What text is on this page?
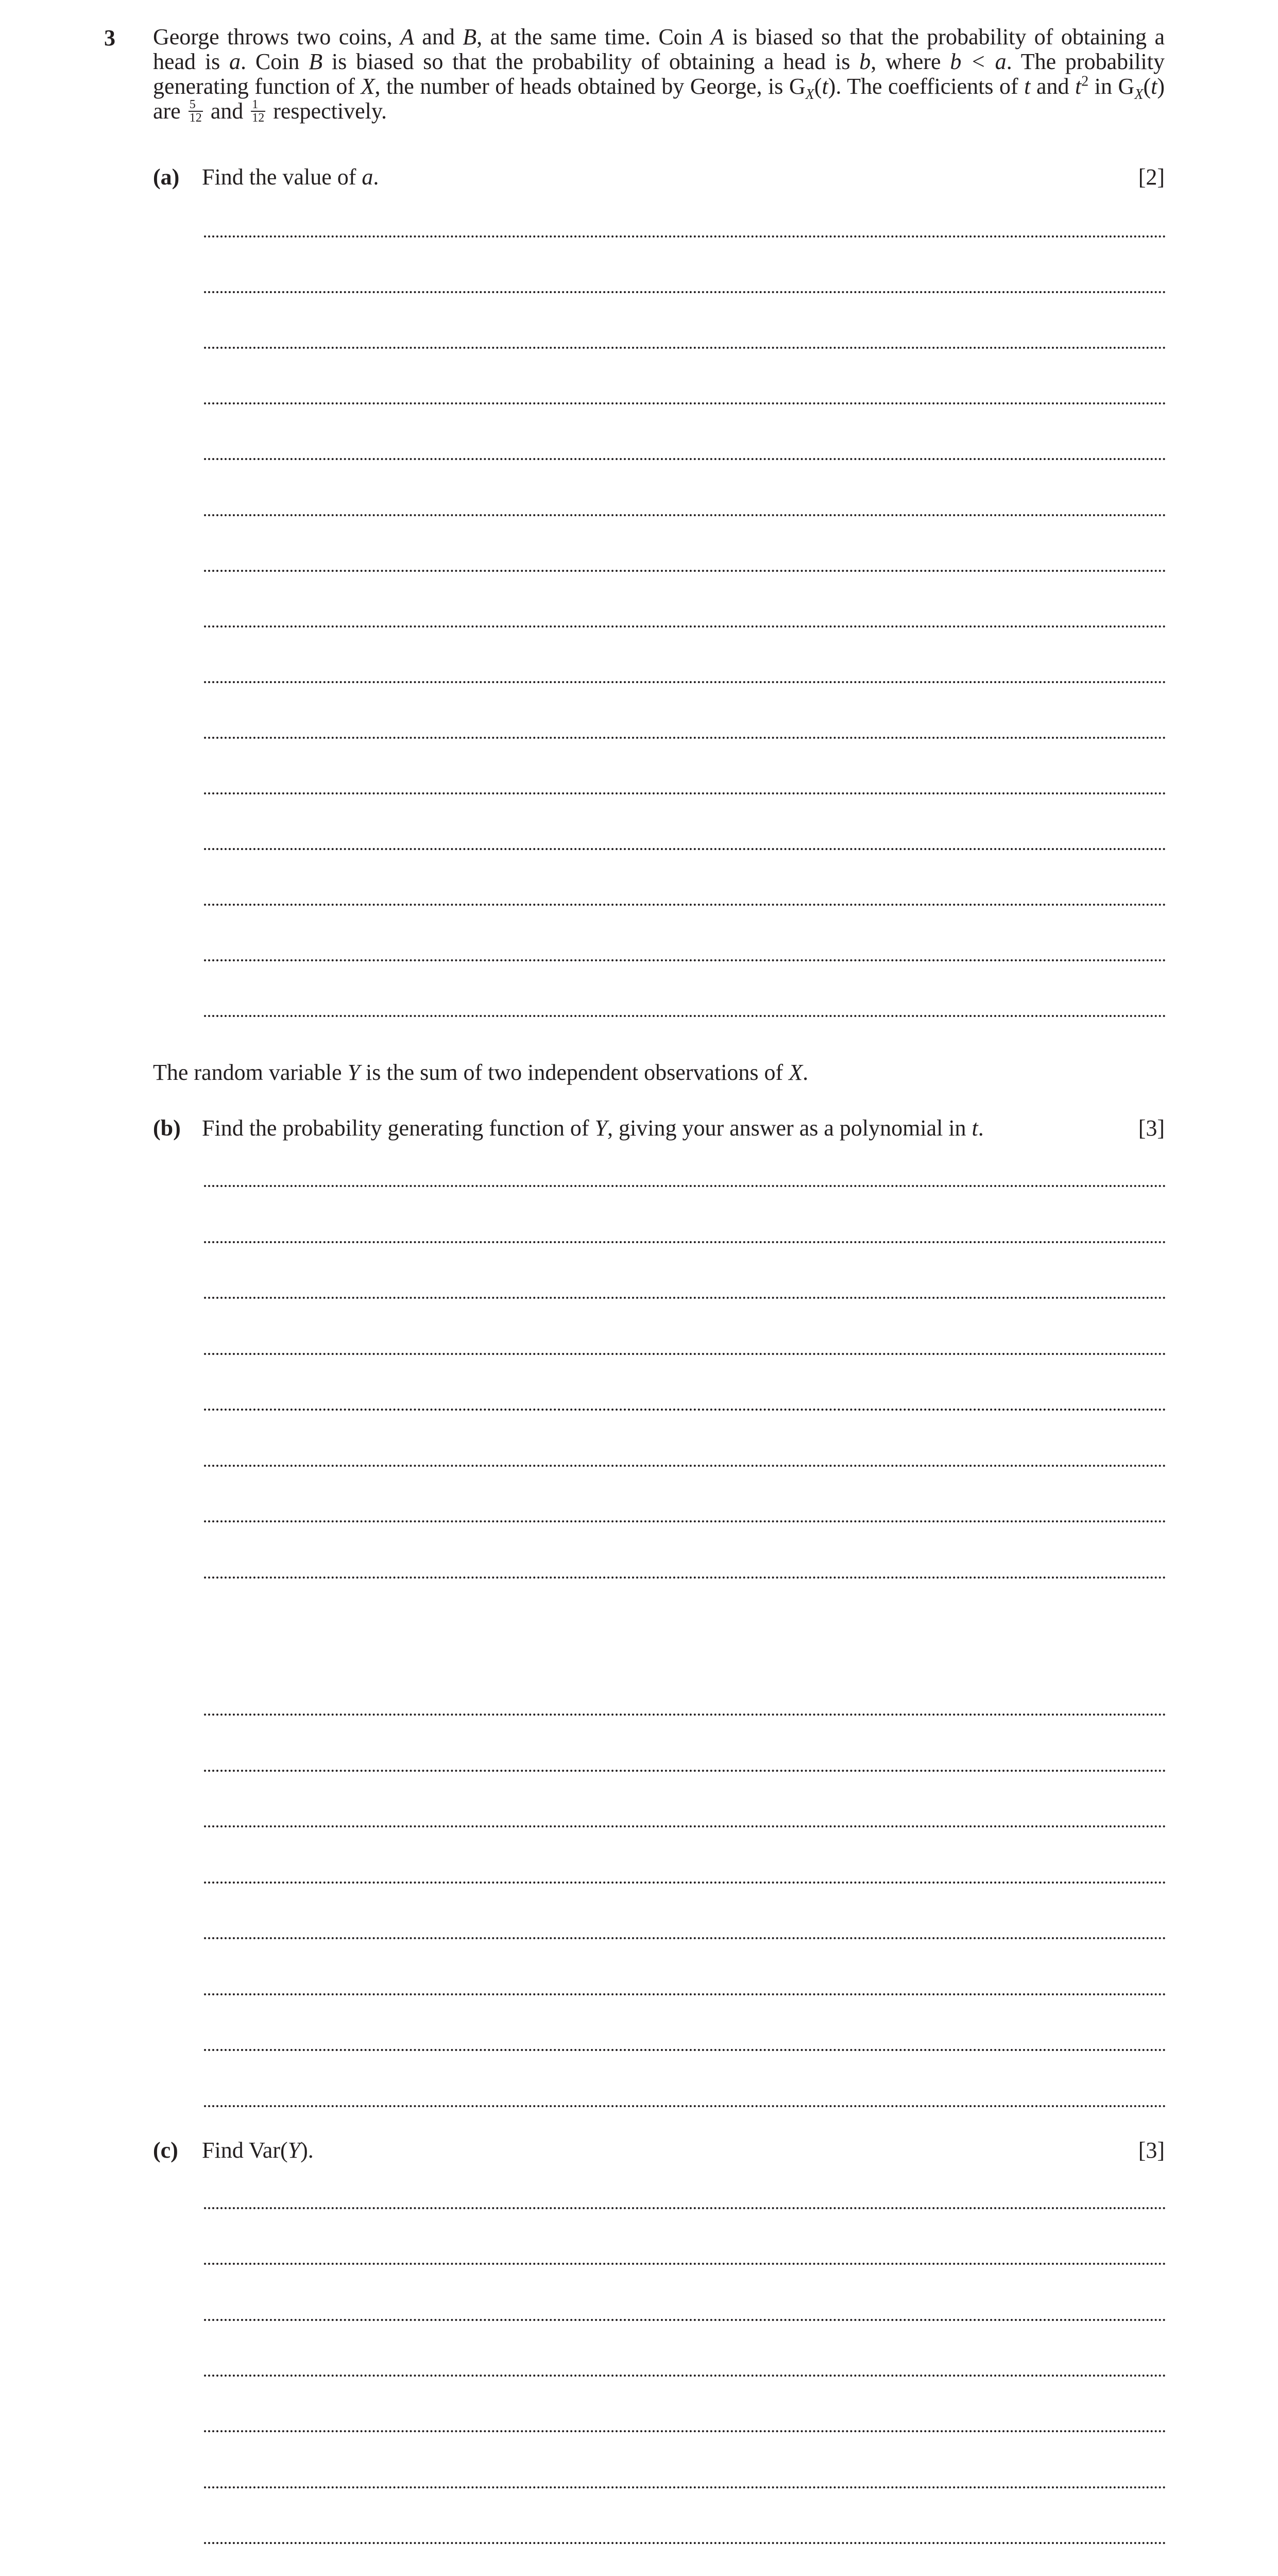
3 George throws two coins, A and B, at the same time. Coin A is biased so that the probability of obtaining a head is a. Coin B is biased so that the probability of obtaining a head is b, where b < a. The probability generating function of X, the number of heads obtained by George, is $G_X(t)$. The coefficients of t and $t^2$ in $G_X(t)$ are $\frac{5}{12}$ and $\frac{1}{12}$ respectively.
(a) Find the value of a.	[2]
The random variable Y is the sum of two independent observations of X.
(b) Find the probability generating function of Y, giving your answer as a polynomial in t.	[3]
(c) Find Var(Y).	[3]
